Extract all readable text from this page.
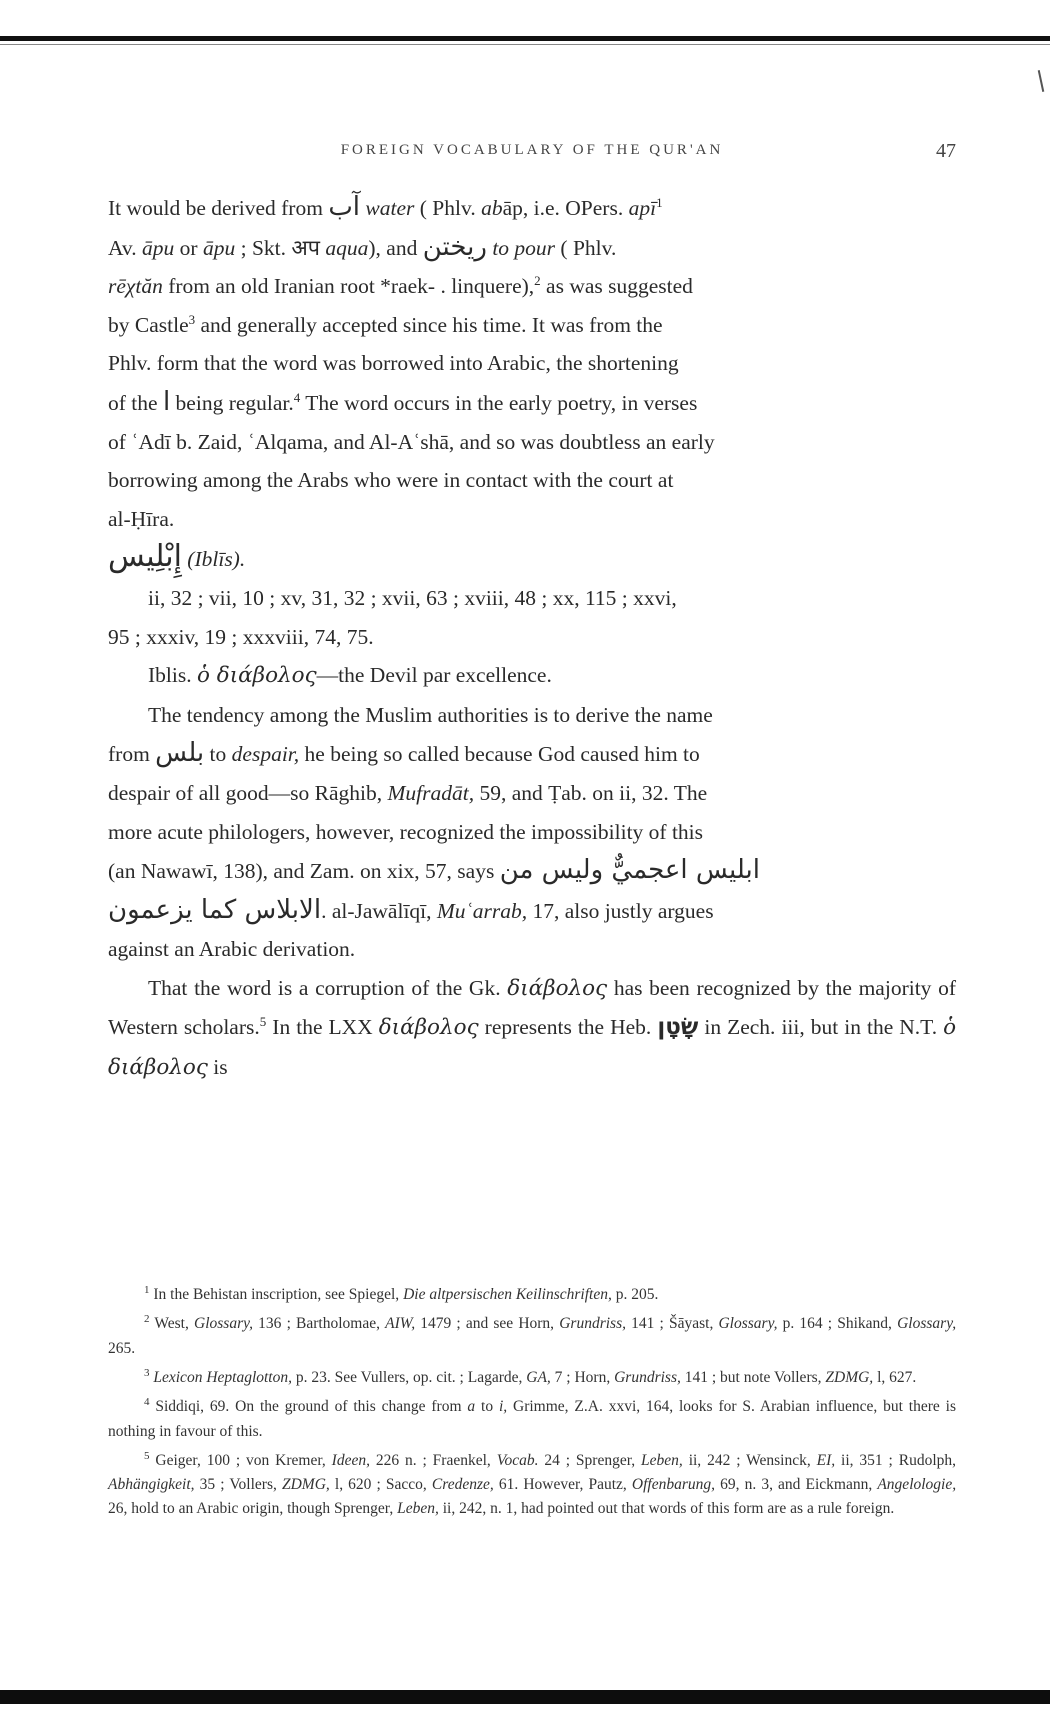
FOREIGN VOCABULARY OF THE QUR'AN	47

It would be derived from آب water ( Phlv. abāp, i.e. OPers. apī$^1$
Av. āpu or āpu ; Skt. अप aqua), and ریختن to pour ( Phlv.
rēχtăn from an old Iranian root *raek- . linquere),$^2$ as was suggested
by Castle$^3$ and generally accepted since his time. It was from the
Phlv. form that the word was borrowed into Arabic, the shortening
of the ا being regular.$^4$ The word occurs in the early poetry, in verses
of ʿAdī b. Zaid, ʿAlqama, and Al-Aʿshā, and so was doubtless an early
borrowing among the Arabs who were in contact with the court at
al-Ḥīra.

إِبْلِيس (Iblīs).

ii, 32 ; vii, 10 ; xv, 31, 32 ; xvii, 63 ; xviii, 48 ; xx, 115 ; xxvi,

95 ; xxxiv, 19 ; xxxviii, 74, 75.

Iblis. ὁ διάβολος—the Devil par excellence.

The tendency among the Muslim authorities is to derive the name

from بلس to despair, he being so called because God caused him to
despair of all good—so Rāghib, Mufradāt, 59, and Ṭab. on ii, 32. The
more acute philologers, however, recognized the impossibility of this
(an Nawawī, 138), and Zam. on xix, 57, says ابليس اعجميٌّ وليس من
الابلاس كما يزعمون. al-Jawālīqī, Muʿarrab, 17, also justly argues
against an Arabic derivation.

That the word is a corruption of the Gk. διάβολος has been recognized by the majority of Western scholars.$^5$ In the LXX διάβολος represents the Heb. שָׂטָן in Zech. iii, but in the N.T. ὁ διάβολος is

$^1$ In the Behistan inscription, see Spiegel, Die altpersischen Keilinschriften, p. 205.

$^2$ West, Glossary, 136 ; Bartholomae, AIW, 1479 ; and see Horn, Grundriss, 141 ; Šāyast, Glossary, p. 164 ; Shikand, Glossary, 265.

$^3$ Lexicon Heptaglotton, p. 23. See Vullers, op. cit. ; Lagarde, GA, 7 ; Horn, Grundriss, 141 ; but note Vollers, ZDMG, l, 627.

$^4$ Siddiqi, 69. On the ground of this change from a to i, Grimme, Z.A. xxvi, 164, looks for S. Arabian influence, but there is nothing in favour of this.

$^5$ Geiger, 100 ; von Kremer, Ideen, 226 n. ; Fraenkel, Vocab. 24 ; Sprenger, Leben, ii, 242 ; Wensinck, EI, ii, 351 ; Rudolph, Abhängigkeit, 35 ; Vollers, ZDMG, l, 620 ; Sacco, Credenze, 61. However, Pautz, Offenbarung, 69, n. 3, and Eickmann, Angelologie, 26, hold to an Arabic origin, though Sprenger, Leben, ii, 242, n. 1, had pointed out that words of this form are as a rule foreign.
